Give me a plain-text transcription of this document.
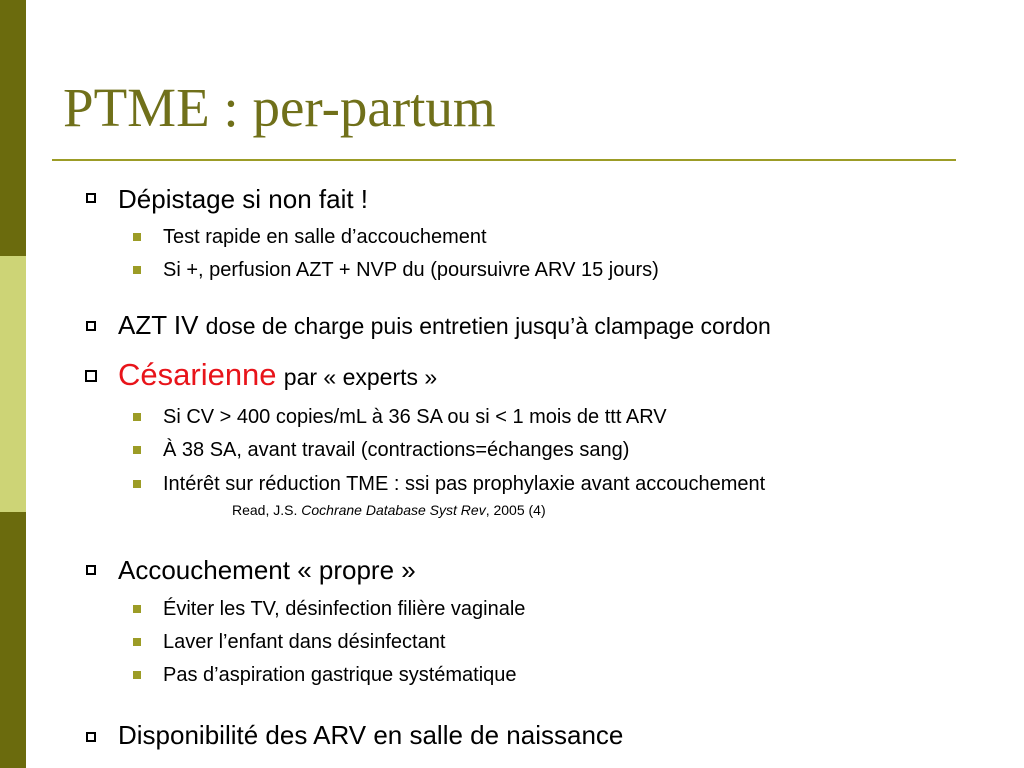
PTME : per-partum
Dépistage si non fait !
Test rapide en salle d’accouchement
Si +, perfusion AZT + NVP du (poursuivre ARV 15 jours)
AZT IV dose de charge puis entretien jusqu’à clampage cordon
Césarienne par « experts »
Si CV > 400 copies/mL à 36 SA ou si < 1 mois de ttt ARV
À 38 SA, avant travail (contractions=échanges sang)
Intérêt sur réduction TME : ssi pas prophylaxie avant accouchement
Read, J.S. Cochrane Database Syst Rev, 2005 (4)
Accouchement « propre »
Éviter les TV, désinfection filière vaginale
Laver l’enfant dans désinfectant
Pas d’aspiration gastrique systématique
Disponibilité des ARV en salle de naissance
